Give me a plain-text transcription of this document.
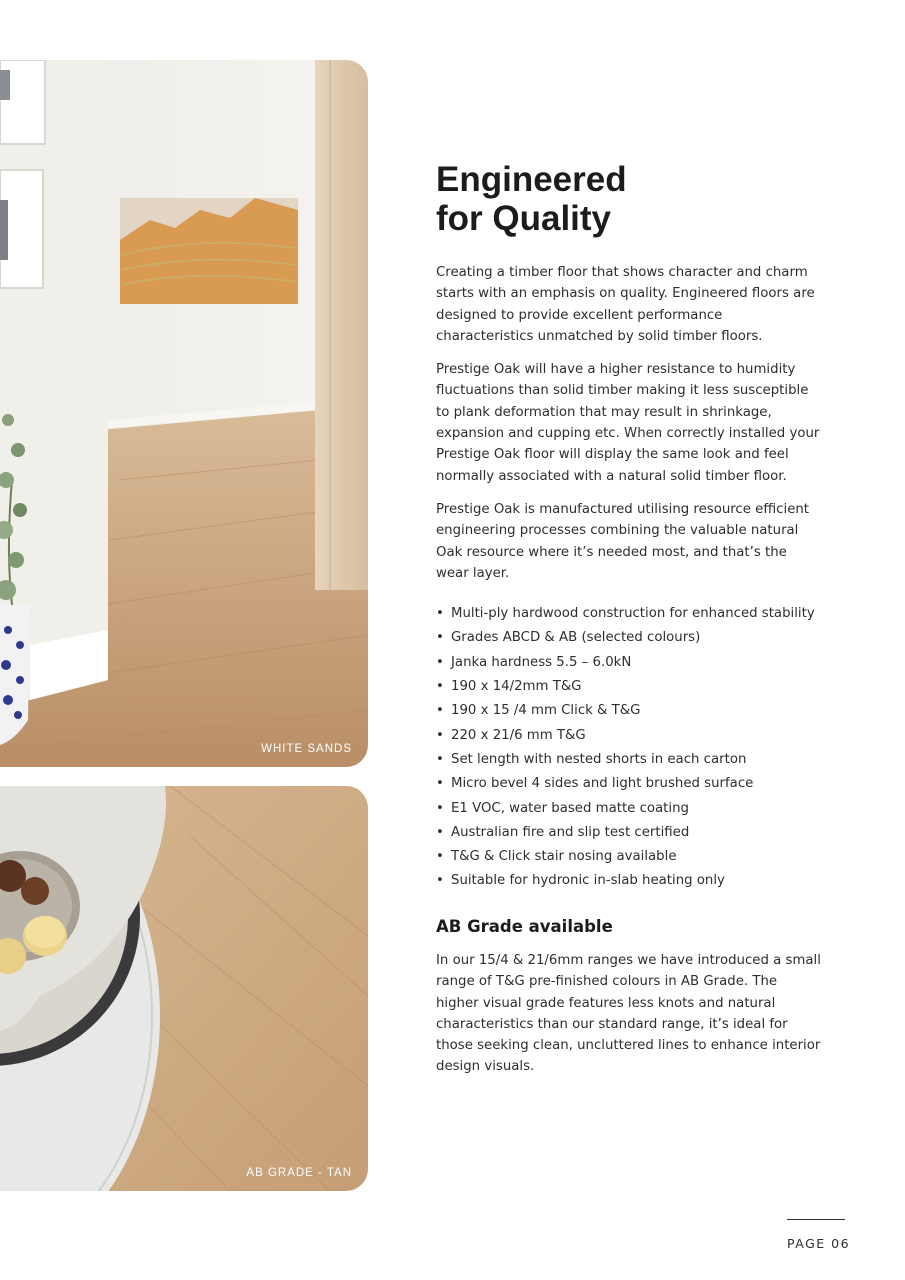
WHITE SANDS
AB GRADE - TAN
Engineered
for Quality

Creating a timber floor that shows character and charm starts with an emphasis on quality. Engineered floors are designed to provide excellent performance characteristics unmatched by solid timber floors.

Prestige Oak will have a higher resistance to humidity fluctuations than solid timber making it less susceptible to plank deformation that may result in shrinkage, expansion and cupping etc. When correctly installed your Prestige Oak floor will display the same look and feel normally associated with a natural solid timber floor.

Prestige Oak is manufactured utilising resource efficient engineering processes combining the valuable natural Oak resource where it’s needed most, and that’s the wear layer.

• Multi-ply hardwood construction for enhanced stability
• Grades ABCD & AB (selected colours)
• Janka hardness 5.5 – 6.0kN
• 190 x 14/2mm T&G
• 190 x 15 /4 mm Click & T&G
• 220 x 21/6 mm T&G
• Set length with nested shorts in each carton
• Micro bevel 4 sides and light brushed surface
• E1 VOC, water based matte coating
• Australian fire and slip test certified
• T&G & Click stair nosing available
• Suitable for hydronic in-slab heating only
AB Grade available

In our 15/4 & 21/6mm ranges we have introduced a small range of T&G pre-finished colours in AB Grade. The higher visual grade features less knots and natural characteristics than our standard range, it’s ideal for those seeking clean, uncluttered lines to enhance interior design visuals.

PAGE 06
